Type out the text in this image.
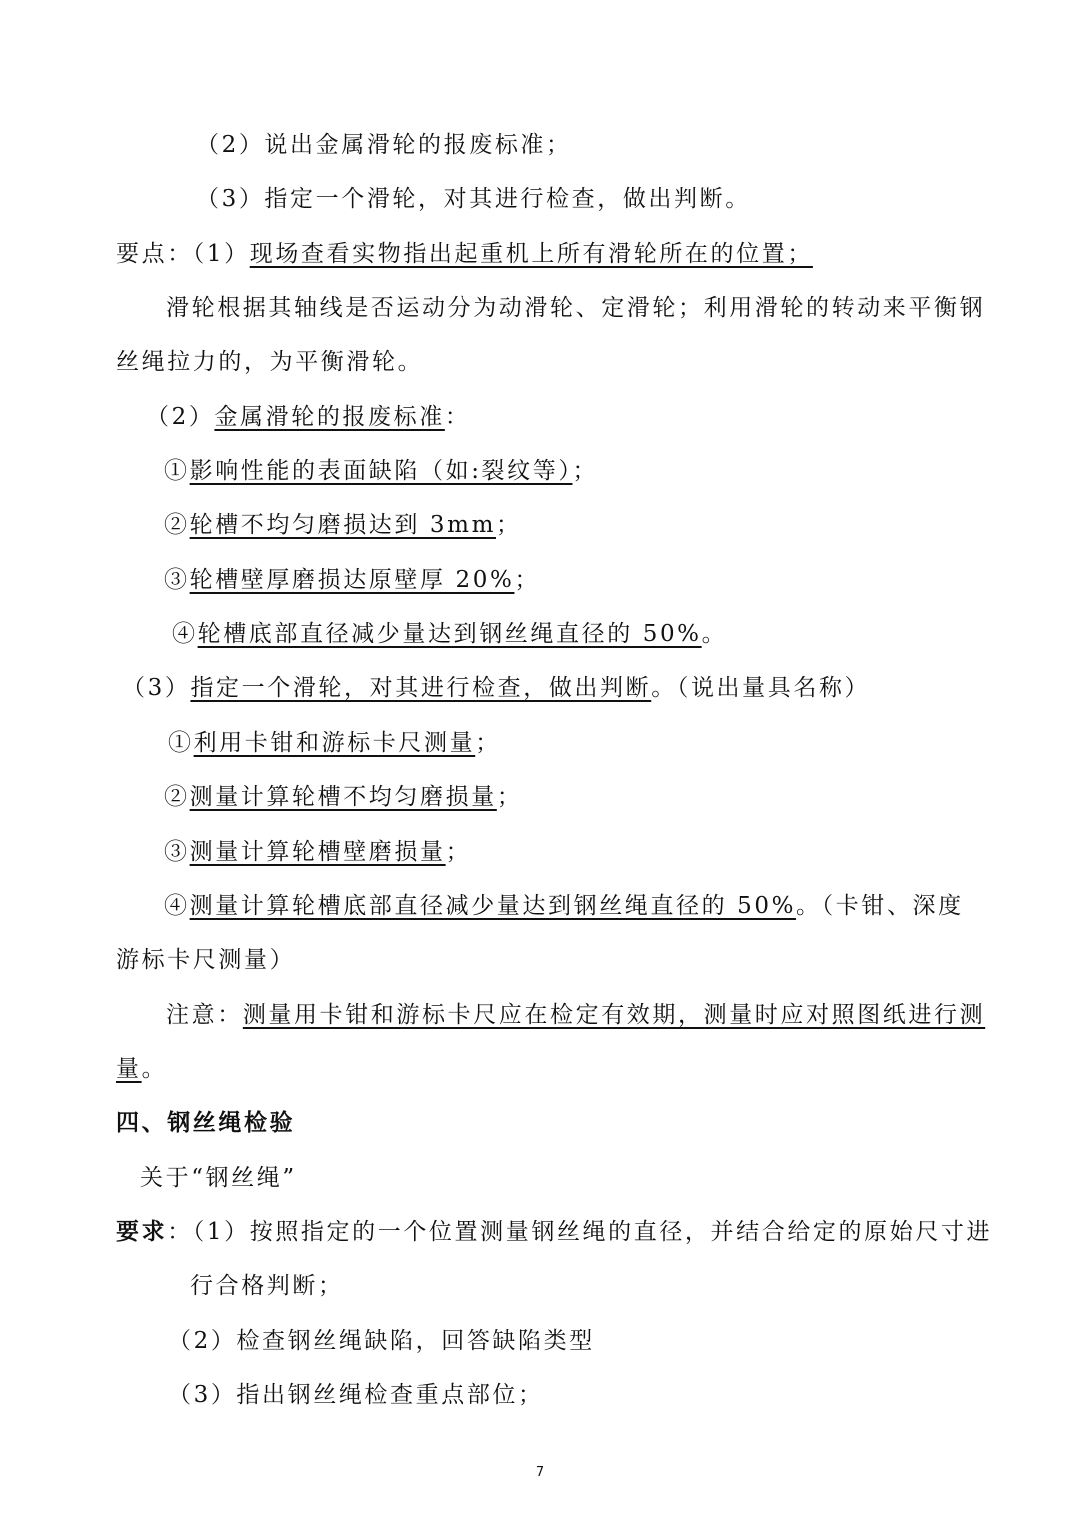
（2）说出金属滑轮的报废标准；
（3）指定一个滑轮，对其进行检查，做出判断。
要点：（1）现场查看实物指出起重机上所有滑轮所在的位置；
滑轮根据其轴线是否运动分为动滑轮、定滑轮；利用滑轮的转动来平衡钢
丝绳拉力的，为平衡滑轮。
（2）金属滑轮的报废标准：
①影响性能的表面缺陷（如:裂纹等）；
②轮槽不均匀磨损达到 3mm；
③轮槽壁厚磨损达原壁厚 20%；
④轮槽底部直径减少量达到钢丝绳直径的 50%。
（3）指定一个滑轮，对其进行检查，做出判断。（说出量具名称）
①利用卡钳和游标卡尺测量；
②测量计算轮槽不均匀磨损量；
③测量计算轮槽壁磨损量；
④测量计算轮槽底部直径减少量达到钢丝绳直径的 50%。（卡钳、深度
游标卡尺测量）
注意：测量用卡钳和游标卡尺应在检定有效期，测量时应对照图纸进行测
量。
四、钢丝绳检验
关于“钢丝绳”
要求：（1）按照指定的一个位置测量钢丝绳的直径，并结合给定的原始尺寸进
行合格判断；
（2）检查钢丝绳缺陷，回答缺陷类型
（3）指出钢丝绳检查重点部位；
7
